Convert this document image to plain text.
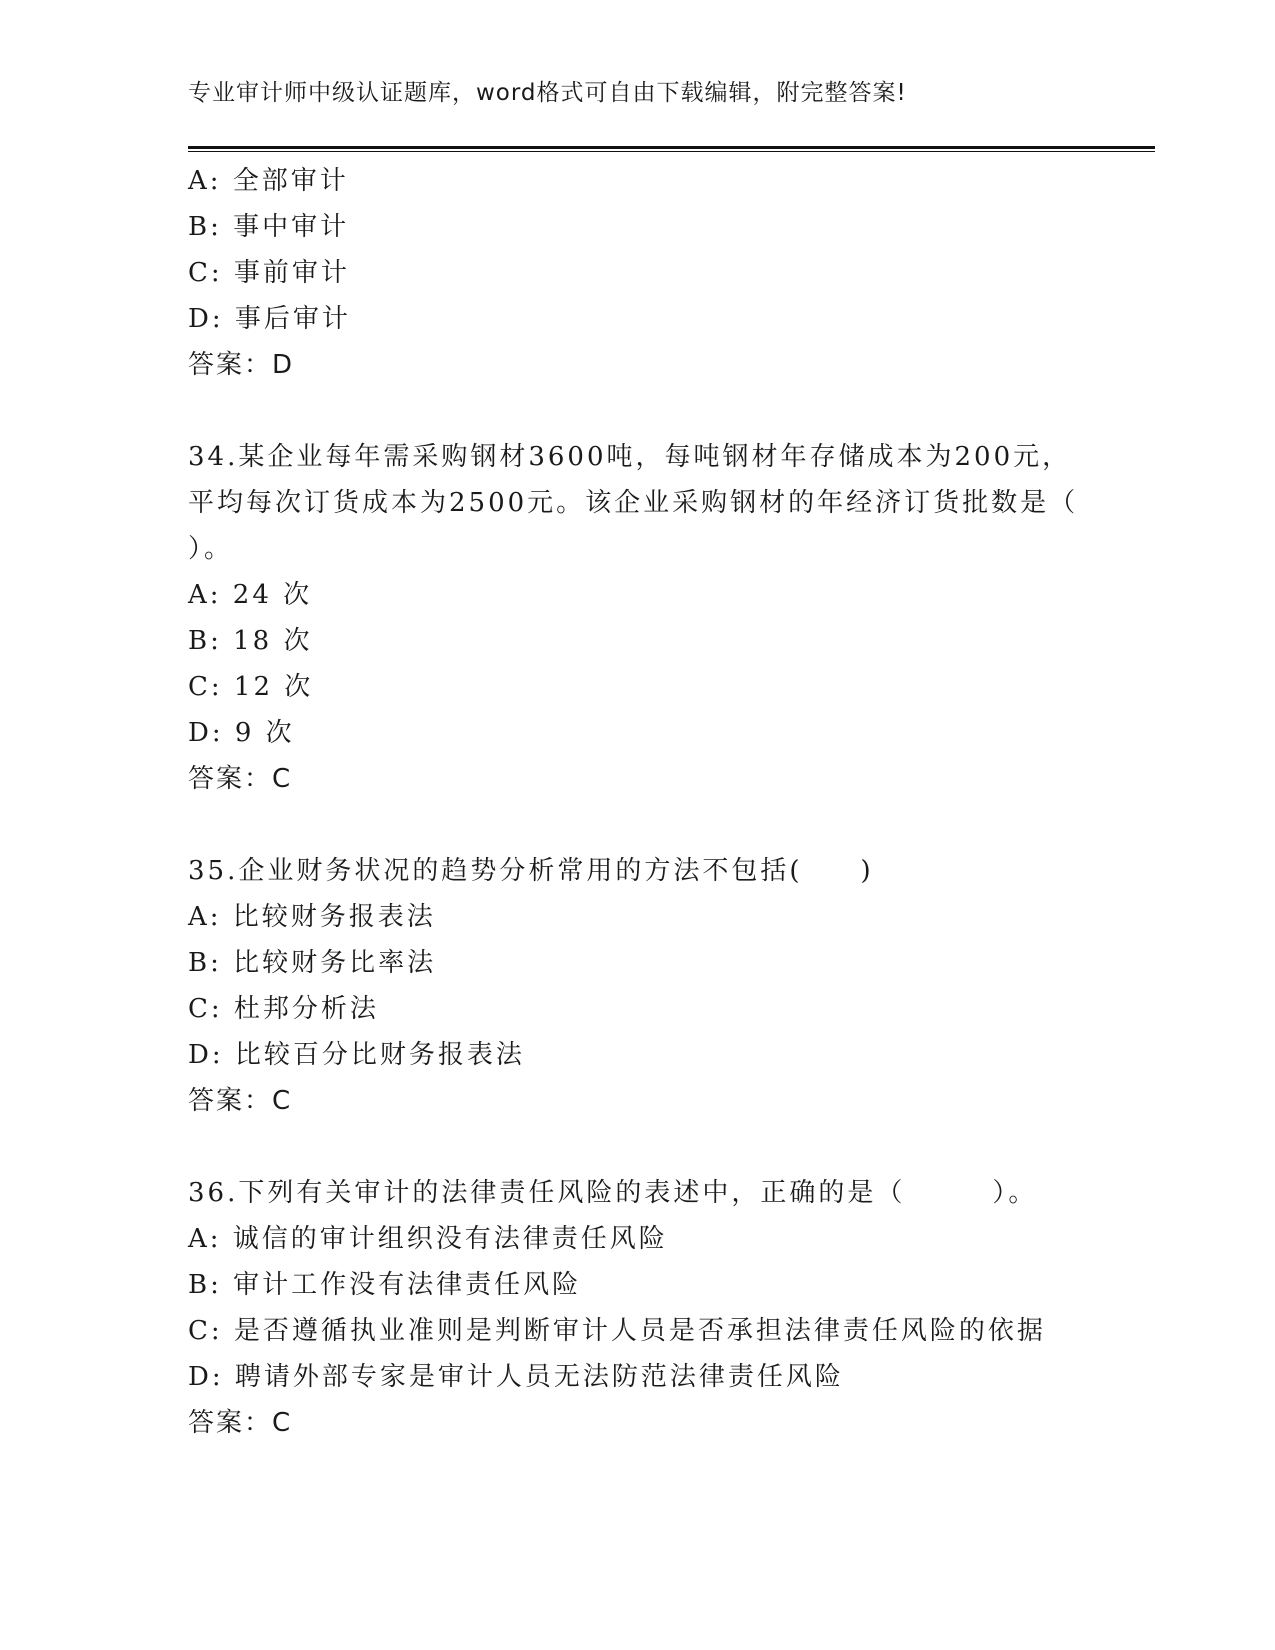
专业审计师中级认证题库，word格式可自由下载编辑，附完整答案!
A: 全部审计
B: 事中审计
C: 事前审计
D: 事后审计
答案：D
34.某企业每年需采购钢材3600吨，每吨钢材年存储成本为200元，
平均每次订货成本为2500元。该企业采购钢材的年经济订货批数是（
）。
A: 24 次
B: 18 次
C: 12 次
D: 9 次
答案：C
35.企业财务状况的趋势分析常用的方法不包括(　　)
A: 比较财务报表法
B: 比较财务比率法
C: 杜邦分析法
D: 比较百分比财务报表法
答案：C
36.下列有关审计的法律责任风险的表述中，正确的是（　　　）。
A: 诚信的审计组织没有法律责任风险
B: 审计工作没有法律责任风险
C: 是否遵循执业准则是判断审计人员是否承担法律责任风险的依据
D: 聘请外部专家是审计人员无法防范法律责任风险
答案：C
